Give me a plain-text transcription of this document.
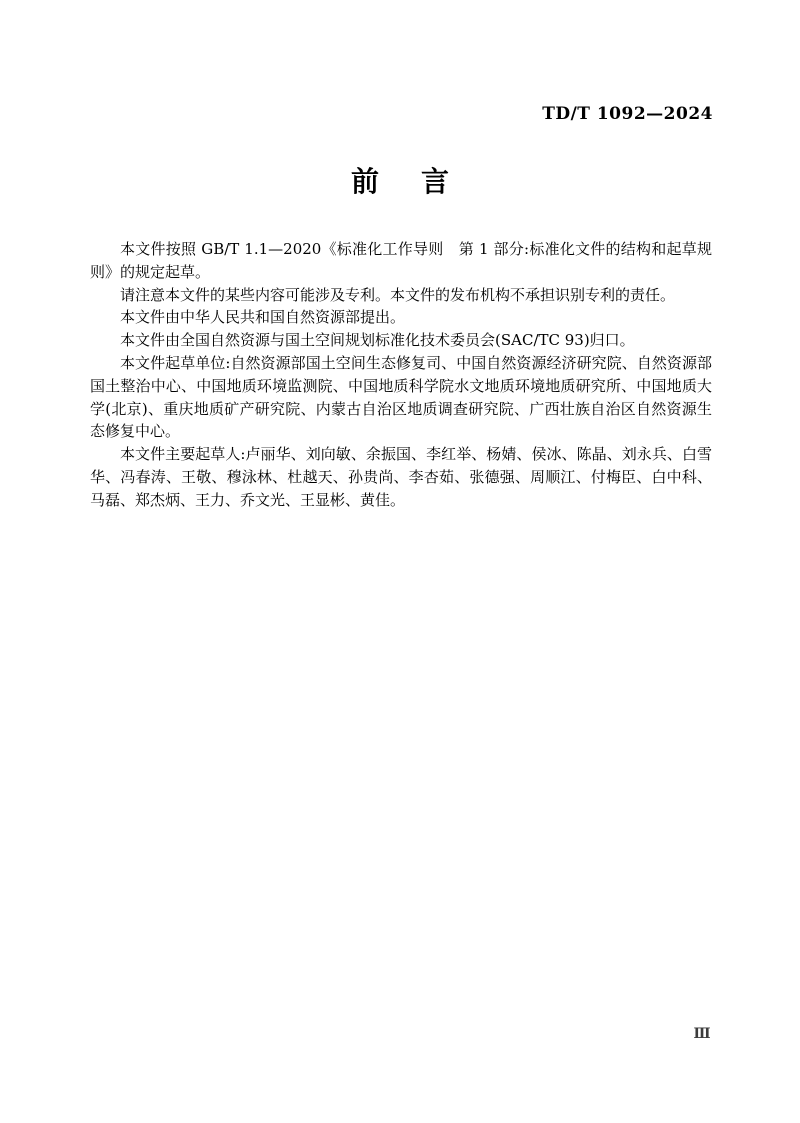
TD/T 1092—2024
前 言

本文件按照 GB/T 1.1—2020《标准化工作导则　第 1 部分:标准化文件的结构和起草规则》的规定起草。

请注意本文件的某些内容可能涉及专利。本文件的发布机构不承担识别专利的责任。

本文件由中华人民共和国自然资源部提出。

本文件由全国自然资源与国土空间规划标准化技术委员会(SAC/TC 93)归口。

本文件起草单位:自然资源部国土空间生态修复司、中国自然资源经济研究院、自然资源部国土整治中心、中国地质环境监测院、中国地质科学院水文地质环境地质研究所、中国地质大学(北京)、重庆地质矿产研究院、内蒙古自治区地质调查研究院、广西壮族自治区自然资源生态修复中心。

本文件主要起草人:卢丽华、刘向敏、余振国、李红举、杨婧、侯冰、陈晶、刘永兵、白雪华、冯春涛、王敬、穆泳林、杜越天、孙贵尚、李杏茹、张德强、周顺江、付梅臣、白中科、马磊、郑杰炳、王力、乔文光、王显彬、黄佳。

Ⅲ
